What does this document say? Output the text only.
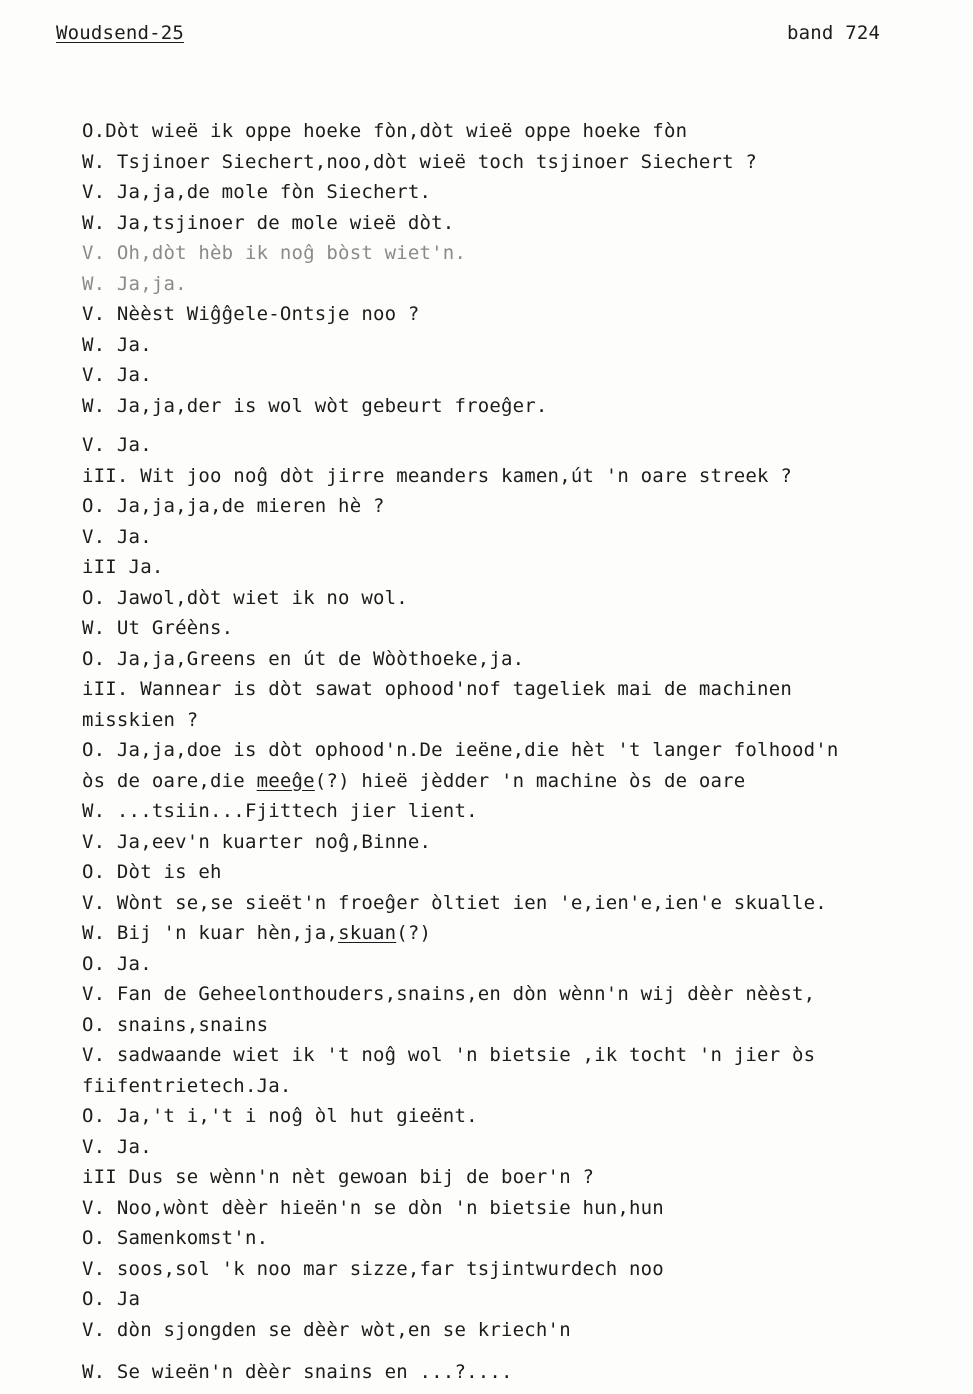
Woudsend-25	band 724
O.Dòt wieë ik oppe hoeke fòn,dòt wieë oppe hoeke fòn
W. Tsjinoer Siechert,noo,dòt wieë toch tsjinoer Siechert ?
V. Ja,ja,de mole fòn Siechert.
W. Ja,tsjinoer de mole wieë dòt.
V. Oh,dòt hèb ik noĝ bòst wiet'n.
W. Ja,ja.
V. Nèèst Wiĝĝele-Ontsje noo ?
W. Ja.
V. Ja.
W. Ja,ja,der is wol wòt gebeurt froeĝer.
V. Ja.
iII. Wit joo noĝ dòt jirre meanders kamen,út 'n oare streek ?
O. Ja,ja,ja,de mieren hè ?
V. Ja.
iII Ja.
O. Jawol,dòt wiet ik no wol.
W. Ut Gréèns.
O. Ja,ja,Greens en út de Wòòthoeke,ja.
iII. Wannear is dòt sawat ophood'nof tageliek mai de machinen
misskien ?
O. Ja,ja,doe is dòt ophood'n.De ieëne,die hèt 't langer folhood'n
òs de oare,die meeĝe(?) hieë jèdder 'n machine òs de oare
W. ...tsiin...Fjittech jier lient.
V. Ja,eev'n kuarter noĝ,Binne.
O. Dòt is eh
V. Wònt se,se sieët'n froeĝer òltiet ien 'e,ien'e,ien'e skualle.
W. Bij 'n kuar hèn,ja,skuan(?)
O. Ja.
V. Fan de Geheelonthouders,snains,en dòn wènn'n wij dèèr nèèst,
O. snains,snains
V. sadwaande wiet ik 't noĝ wol 'n bietsie ,ik tocht 'n jier òs
fiifentrietech.Ja.
O. Ja,'t i,'t i noĝ òl hut gieënt.
V. Ja.
iII Dus se wènn'n nèt gewoan bij de boer'n ?
V. Noo,wònt dèèr hieën'n se dòn 'n bietsie hun,hun
O. Samenkomst'n.
V. soos,sol 'k noo mar sizze,far tsjintwurdech noo
O. Ja
V. dòn sjongden se dèèr wòt,en se kriech'n
W. Se wieën'n dèèr snains en ...?....
